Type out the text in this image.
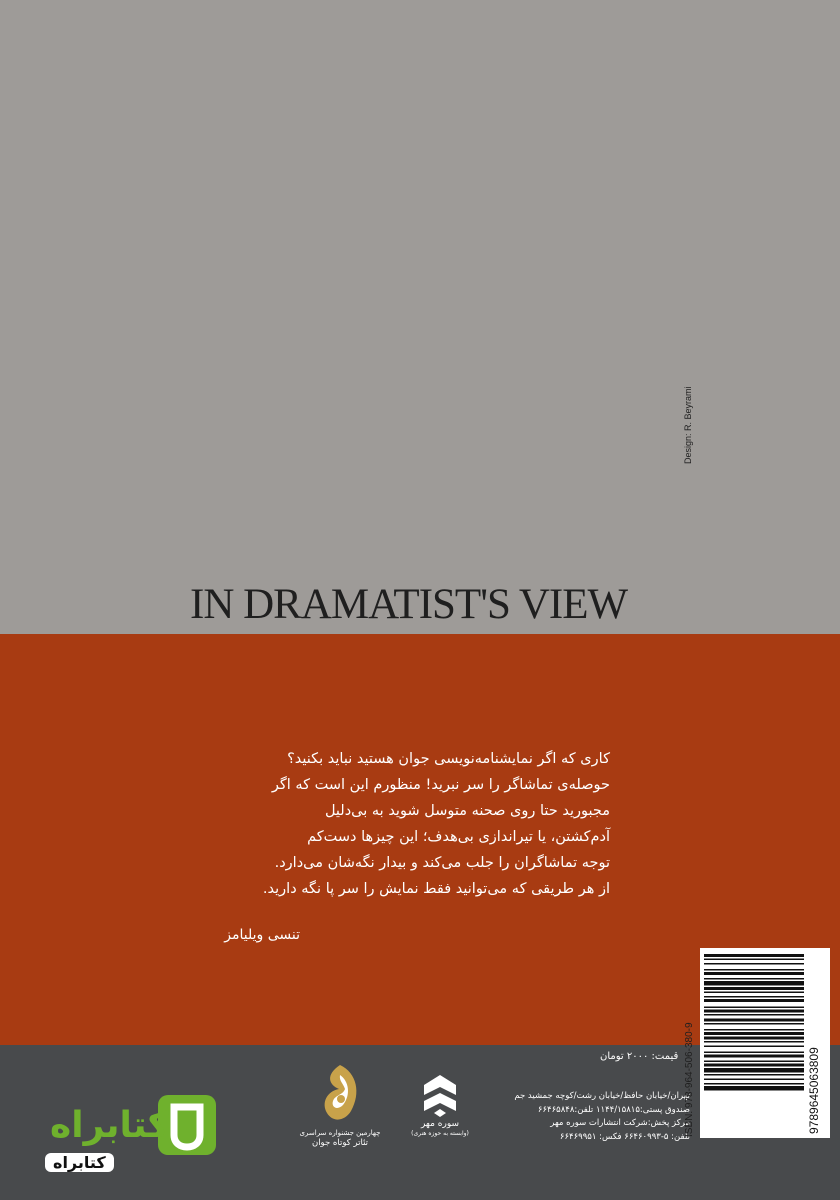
IN DRAMATIST'S VIEW

کاری که اگر نمایشنامه‌نویسی جوان هستید نباید بکنید؟

حوصله‌ی تماشاگر را سر نبرید! منظورم این است که اگر

مجبورید حتا روی صحنه متوسل شوید به بی‌دلیل

آدم‌کشتن، یا تیراندازی بی‌هدف؛ این چیزها دست‌کم

توجه تماشاگران را جلب می‌کند و بیدار نگه‌شان می‌دارد.

از هر طریقی که می‌توانید فقط نمایش را سر پا نگه دارید.

تنسی ویلیامز
Design: R. Beyrami
قیمت: ۲۰۰۰ تومان
چهارمین جشنواره سراسری
تئاتر کوتاه جوان
سوره مهر
(وابسته به حوزه هنری)
تهران/خیابان حافظ/خیابان رشت/کوچه جمشید جم
صندوق پستی:۱۱۴۴/۱۵۸۱۵ تلفن:۶۶۴۶۵۸۴۸
مرکز پخش:شرکت انتشارات سوره مهر
تلفن: ۵-۶۶۴۶۰۹۹۳ فکس: ۶۶۴۶۹۹۵۱
9789645063809
ISBN: 978-964-506-380-9
کتابراه
کتابراه
